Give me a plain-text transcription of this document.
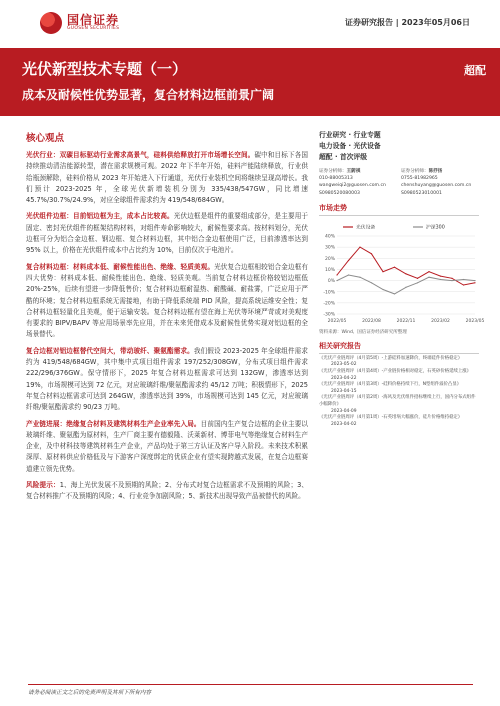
国信证券
GUOSEN SECURITIES
证券研究报告 | 2023年05月06日
光伏新型技术专题（一）
成本及耐候性优势显著，复合材料边框前景广阔
超配
核心观点
光伏行业：双碳目标驱动行业需求高景气，硅料供给释放打开市场增长空间。碳中和目标下各国持续推动清洁能源转型，潜在需求规模可观。2022 年下半年开始，硅料产能陆续释放，行业供给瓶颈解除，硅料价格从 2023 年开始进入下行通道，光伏行业装机空间将继续呈现高增长。我们预计 2023-2025 年，全球光伏新增装机分别为 335/438/547GW，同比增速 45.7%/30.7%/24.9%，对应全球组件需求约为 419/548/684GW。
光伏组件边框：目前铝边框为主，成本占比较高。光伏边框是组件的重要组成部分，是主要用于固定、密封光伏组件的框架结构材料，对组件寿命影响较大，耐候性要求高。按材料划分，光伏边框可分为铝合金边框、钢边框、复合材料边框，其中铝合金边框使用广泛，目前渗透率达到 95% 以上，价格在光伏组件成本中占比约为 10%，目前仅次于电池片。
复合材料边框：材料成本低、耐候性能出色、绝缘、轻质美观。光伏复合边框相较铝合金边框有四大优势：材料成本低、耐候性能出色、绝缘、轻质美观。当前复合材料边框价格较铝边框低 20%-25%，后续有望进一步降低售价；复合材料边框耐湿热、耐酸碱、耐盐雾，广泛应用于严酷的环境；复合材料边框系统无需接地，有助于降低系统端 PID 风险，提高系统运维安全性；复合材料边框轻量化且美观，便于运输安装。复合材料边框有望在海上光伏等环境严苛或对美观度有要求的 BIPV/BAPV 等应用场景率先应用，并在未来凭借成本及耐候性优势实现对铝边框的全场景替代。
复合边框对铝边框替代空间大，带动玻纤、聚氨酯需求。我们假设 2023-2025 年全球组件需求约为 419/548/684GW，其中集中式项目组件需求 197/252/308GW，分布式项目组件需求 222/296/376GW。保守情形下，2025 年复合材料边框需求可达到 132GW，渗透率达到 19%，市场规模可达到 72 亿元，对应玻璃纤维/聚氨酯需求约 45/12 万吨；积极情形下，2025 年复合材料边框需求可达到 264GW，渗透率达到 39%，市场规模可达到 145 亿元，对应玻璃纤维/聚氨酯需求约 90/23 万吨。
产业链进展：绝缘复合材料及建筑材料生产企业率先入局。目前国内生产复合边框的企业主要以玻璃纤维、聚氨酯为原材料，生产厂商主要有德毅隆、沃莱新材、博菲电气等绝缘复合材料生产企业，及中材科技等建筑材料生产企业，产品均处于第三方认证及客户导入阶段。未来技术积累深厚、原材料供应价格低及与下游客户深度绑定的优质企业有望实现跨越式发展，在复合边框赛道建立领先优势。
风险提示：1、海上光伏发展不及预期的风险；2、分布式对复合边框需求不及预期的风险；3、复合材料推广不及预期的风险；4、行业竞争加剧风险；5、新技术出现导致产品被替代的风险。
行业研究 · 行业专题
电力设备 · 光伏设备
超配 · 首次评级
证券分析师：王蔚祺
010-88005313
wangweiqi2@guosen.com.cn
S0980520080003
证券分析师：陈抒扬
0755-81982965
chenshuyang@guosen.com.cn
S0980523010001
市场走势
40%
30%
20%
10%
0%
-10%
-20%
-30%
2022/05	2022/08	2022/11	2023/02	2023/05
光伏设备	沪深300
资料来源：Wind、国信证券经济研究所整理
相关研究报告
《光伏产业链周评（4月第5周）-上游硅料加速降价，终端硅件价格稳定》
2023-05-02
《光伏产业链周评（4月第4周）-产业链价格相对稳定，石英砂价格延续上涨》
2023-04-22
《光伏产业链周评（4月第3周）-硅料价格持续下行，N型组件溢价凸显》
2023-04-15
《光伏产业链周评（4月第2周）-海风及光伏组件招标继续上行，国内分布式组件小幅降价》
2023-04-09
《光伏产业链周评（4月第1周）-石英坩埚大幅涨价，硅片价格维持稳定》
2023-04-02
请务必阅读正文之后的免责声明及其项下所有内容
